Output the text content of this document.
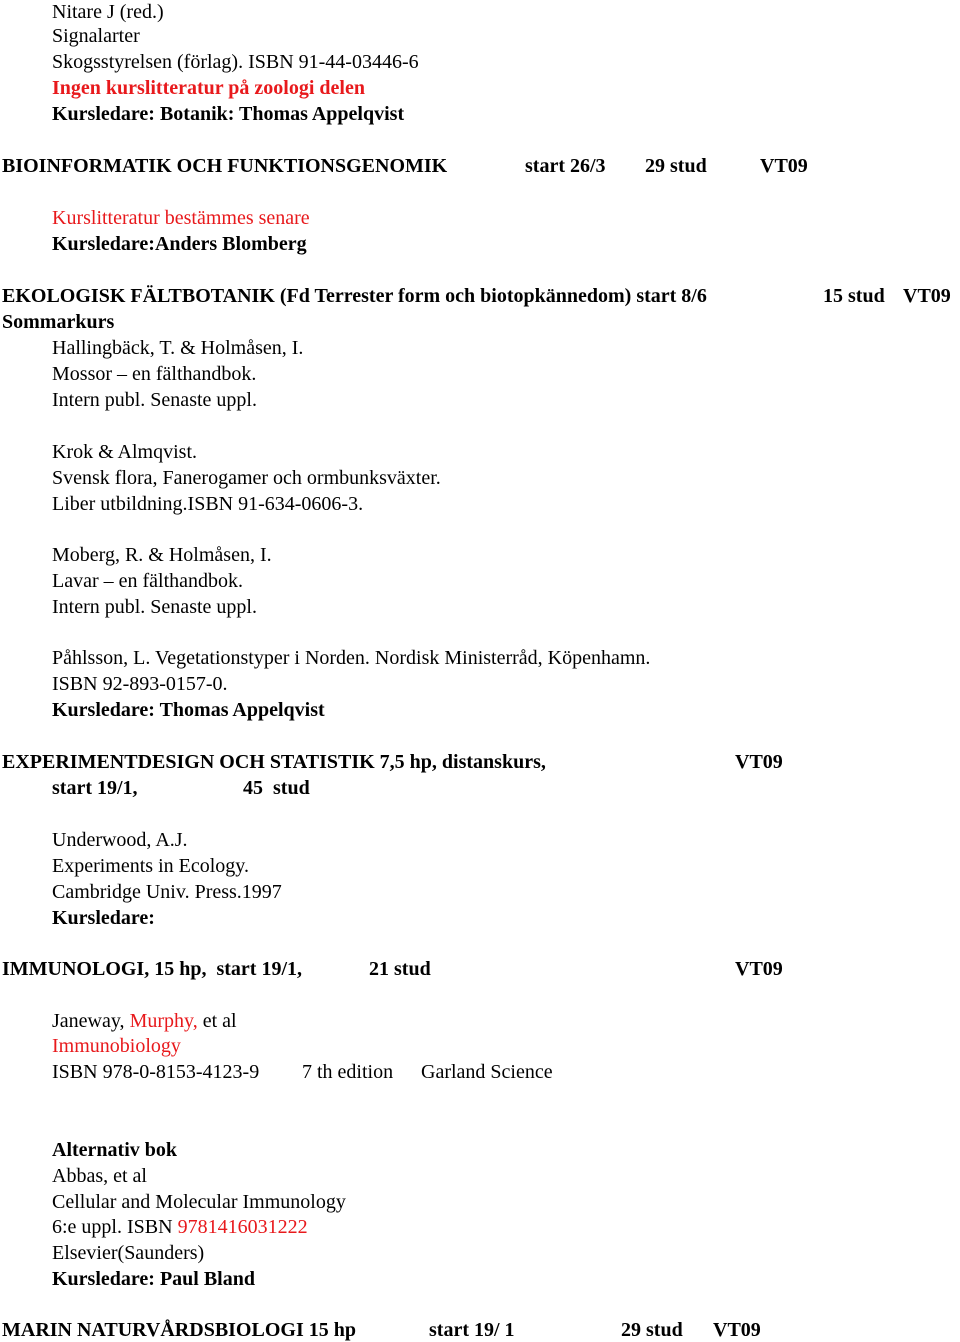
Nitare J (red.)
Signalarter
Skogsstyrelsen (förlag). ISBN 91-44-03446-6
Ingen kurslitteratur på zoologi delen
Kursledare: Botanik: Thomas Appelqvist
BIOINFORMATIK OCH FUNKTIONSGENOMIK	start 26/3 29 stud	VT09
Kurslitteratur bestämmes senare
Kursledare:Anders Blomberg
EKOLOGISK FÄLTBOTANIK (Fd Terrester form och biotopkännedom) start 8/6	15 stud VT09
Sommarkurs
Hallingbäck, T. & Holmåsen, I.
Mossor – en fälthandbok.
Intern publ. Senaste uppl.
Krok & Almqvist.
Svensk flora, Fanerogamer och ormbunksväxter.
Liber utbildning.ISBN 91-634-0606-3.
Moberg, R. & Holmåsen, I.
Lavar – en fälthandbok.
Intern publ. Senaste uppl.
Påhlsson, L. Vegetationstyper i Norden. Nordisk Ministerråd, Köpenhamn.
ISBN 92-893-0157-0.
Kursledare: Thomas Appelqvist
EXPERIMENTDESIGN OCH STATISTIK 7,5 hp, distanskurs,	VT09
start 19/1,	45  stud
Underwood, A.J.
Experiments in Ecology.
Cambridge Univ. Press.1997
Kursledare:
IMMUNOLOGI, 15 hp,  start 19/1,	21 stud	VT09
Janeway, Murphy, et al
Immunobiology
ISBN 978-0-8153-4123-9 7 th edition Garland Science
Alternativ bok
Abbas, et al
Cellular and Molecular Immunology
6:e uppl. ISBN 9781416031222
Elsevier(Saunders)
Kursledare: Paul Bland
MARIN NATURVÅRDSBIOLOGI 15 hp	start 19/ 1	29 stud VT09
